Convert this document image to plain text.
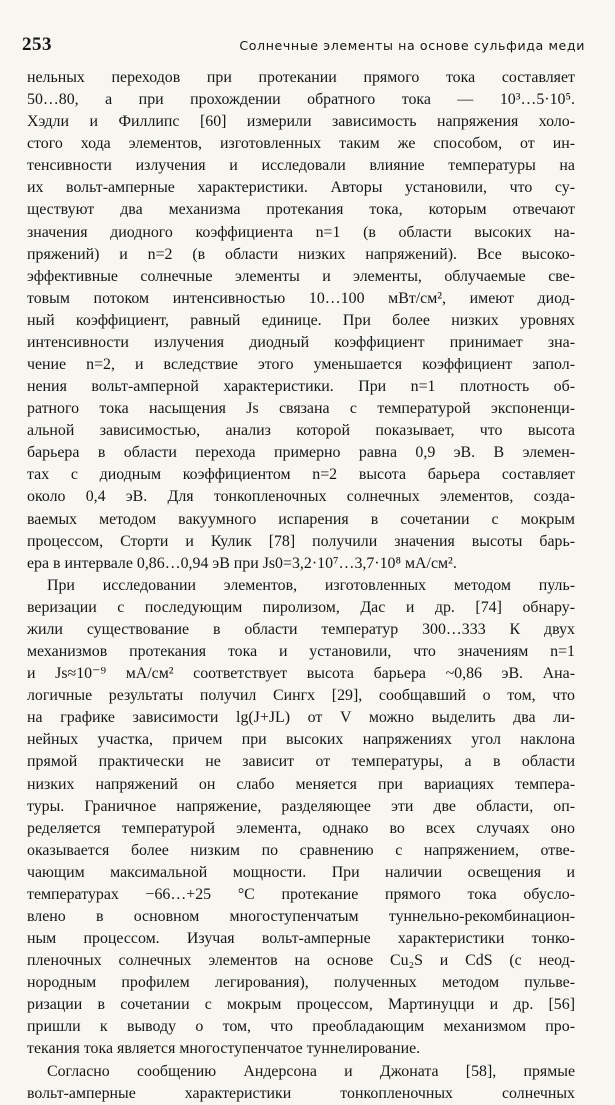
253	Солнечные элементы на основе сульфида меди
нельных переходов при протекании прямого тока составляет
50…80, а при прохождении обратного тока — 10³…5·10⁵.
Хэдли и Филлипс [60] измерили зависимость напряжения холо-
стого хода элементов, изготовленных таким же способом, от ин-
тенсивности излучения и исследовали влияние температуры на
их вольт-амперные характеристики. Авторы установили, что су-
ществуют два механизма протекания тока, которым отвечают
значения диодного коэффициента n=1 (в области высоких на-
пряжений) и n=2 (в области низких напряжений). Все высоко-
эффективные солнечные элементы и элементы, облучаемые све-
товым потоком интенсивностью 10…100 мВт/см², имеют диод-
ный коэффициент, равный единице. При более низких уровнях
интенсивности излучения диодный коэффициент принимает зна-
чение n=2, и вследствие этого уменьшается коэффициент запол-
нения вольт-амперной характеристики. При n=1 плотность об-
ратного тока насыщения Js связана с температурой экспоненци-
альной зависимостью, анализ которой показывает, что высота
барьера в области перехода примерно равна 0,9 эВ. В элемен-
тах с диодным коэффициентом n=2 высота барьера составляет
около 0,4 эВ. Для тонкопленочных солнечных элементов, созда-
ваемых методом вакуумного испарения в сочетании с мокрым
процессом, Сторти и Кулик [78] получили значения высоты барь-
ера в интервале 0,86…0,94 эВ при Js0=3,2·10⁷…3,7·10⁸ мА/см².
При исследовании элементов, изготовленных методом пуль-
веризации с последующим пиролизом, Дас и др. [74] обнару-
жили существование в области температур 300…333 К двух
механизмов протекания тока и установили, что значениям n=1
и Js≈10⁻⁹ мА/см² соответствует высота барьера ~0,86 эВ. Ана-
логичные результаты получил Сингх [29], сообщавший о том, что
на графике зависимости lg(J+JL) от V можно выделить два ли-
нейных участка, причем при высоких напряжениях угол наклона
прямой практически не зависит от температуры, а в области
низких напряжений он слабо меняется при вариациях темпера-
туры. Граничное напряжение, разделяющее эти две области, оп-
ределяется температурой элемента, однако во всех случаях оно
оказывается более низким по сравнению с напряжением, отве-
чающим максимальной мощности. При наличии освещения и
температурах −66…+25 °C протекание прямого тока обусло-
влено в основном многоступенчатым туннельно-рекомбинацион-
ным процессом. Изучая вольт-амперные характеристики тонко-
пленочных солнечных элементов на основе Cu₂S и CdS (с неод-
нородным профилем легирования), полученных методом пульве-
ризации в сочетании с мокрым процессом, Мартинуцци и др. [56]
пришли к выводу о том, что преобладающим механизмом про-
текания тока является многоступенчатое туннелирование.
Согласно сообщению Андерсона и Джоната [58], прямые
вольт-амперные характеристики тонкопленочных солнечных
